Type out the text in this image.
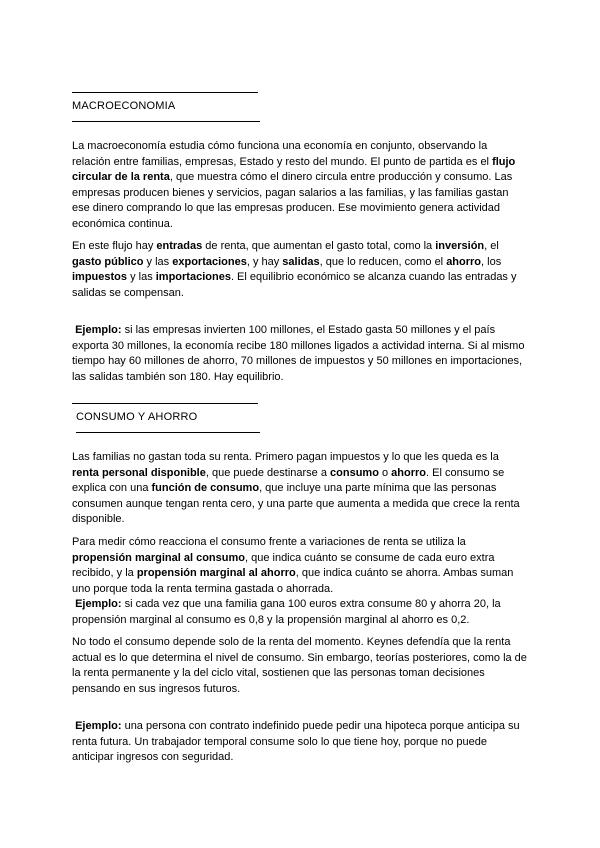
MACROECONOMIA

La macroeconomía estudia cómo funciona una economía en conjunto, observando la relación entre familias, empresas, Estado y resto del mundo. El punto de partida es el flujo circular de la renta, que muestra cómo el dinero circula entre producción y consumo. Las empresas producen bienes y servicios, pagan salarios a las familias, y las familias gastan ese dinero comprando lo que las empresas producen. Ese movimiento genera actividad económica continua.

En este flujo hay entradas de renta, que aumentan el gasto total, como la inversión, el gasto público y las exportaciones, y hay salidas, que lo reducen, como el ahorro, los impuestos y las importaciones. El equilibrio económico se alcanza cuando las entradas y salidas se compensan.

Ejemplo: si las empresas invierten 100 millones, el Estado gasta 50 millones y el país exporta 30 millones, la economía recibe 180 millones ligados a actividad interna. Si al mismo tiempo hay 60 millones de ahorro, 70 millones de impuestos y 50 millones en importaciones, las salidas también son 180. Hay equilibrio.

CONSUMO Y AHORRO

Las familias no gastan toda su renta. Primero pagan impuestos y lo que les queda es la renta personal disponible, que puede destinarse a consumo o ahorro. El consumo se explica con una función de consumo, que incluye una parte mínima que las personas consumen aunque tengan renta cero, y una parte que aumenta a medida que crece la renta disponible.

Para medir cómo reacciona el consumo frente a variaciones de renta se utiliza la propensión marginal al consumo, que indica cuánto se consume de cada euro extra recibido, y la propensión marginal al ahorro, que indica cuánto se ahorra. Ambas suman uno porque toda la renta termina gastada o ahorrada.
Ejemplo: si cada vez que una familia gana 100 euros extra consume 80 y ahorra 20, la propensión marginal al consumo es 0,8 y la propensión marginal al ahorro es 0,2.

No todo el consumo depende solo de la renta del momento. Keynes defendía que la renta actual es lo que determina el nivel de consumo. Sin embargo, teorías posteriores, como la de la renta permanente y la del ciclo vital, sostienen que las personas toman decisiones pensando en sus ingresos futuros.

Ejemplo: una persona con contrato indefinido puede pedir una hipoteca porque anticipa su renta futura. Un trabajador temporal consume solo lo que tiene hoy, porque no puede anticipar ingresos con seguridad.
